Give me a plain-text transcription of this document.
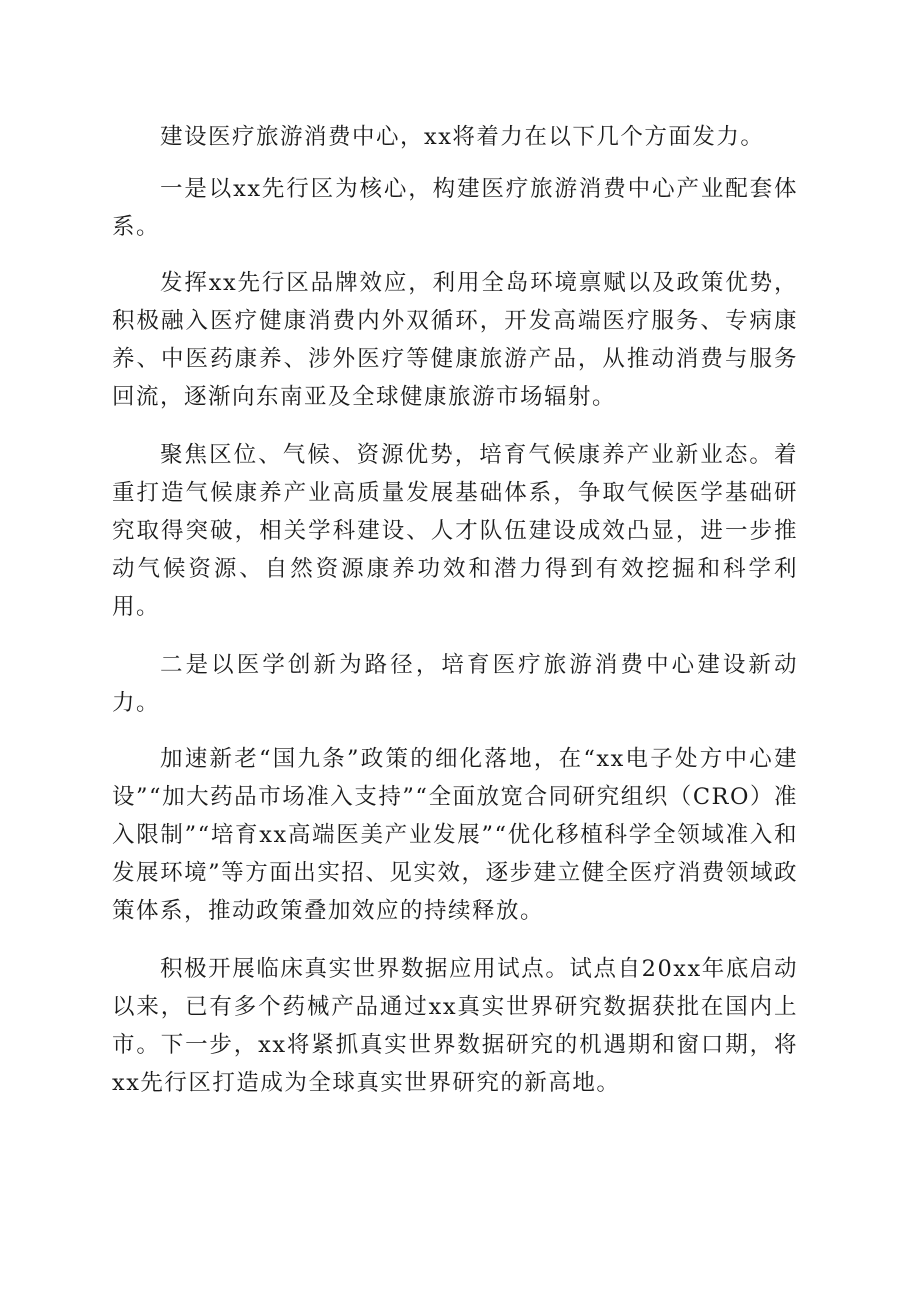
建设医疗旅游消费中心，xx将着力在以下几个方面发力。

一是以xx先行区为核心，构建医疗旅游消费中心产业配套体系。

发挥xx先行区品牌效应，利用全岛环境禀赋以及政策优势，积极融入医疗健康消费内外双循环，开发高端医疗服务、专病康养、中医药康养、涉外医疗等健康旅游产品，从推动消费与服务回流，逐渐向东南亚及全球健康旅游市场辐射。

聚焦区位、气候、资源优势，培育气候康养产业新业态。着重打造气候康养产业高质量发展基础体系，争取气候医学基础研究取得突破，相关学科建设、人才队伍建设成效凸显，进一步推动气候资源、自然资源康养功效和潜力得到有效挖掘和科学利用。

二是以医学创新为路径，培育医疗旅游消费中心建设新动力。

加速新老“国九条”政策的细化落地，在“xx电子处方中心建设”“加大药品市场准入支持”“全面放宽合同研究组织（CRO）准入限制”“培育xx高端医美产业发展”“优化移植科学全领域准入和发展环境”等方面出实招、见实效，逐步建立健全医疗消费领域政策体系，推动政策叠加效应的持续释放。

积极开展临床真实世界数据应用试点。试点自20xx年底启动以来，已有多个药械产品通过xx真实世界研究数据获批在国内上市。下一步，xx将紧抓真实世界数据研究的机遇期和窗口期，将xx先行区打造成为全球真实世界研究的新高地。
